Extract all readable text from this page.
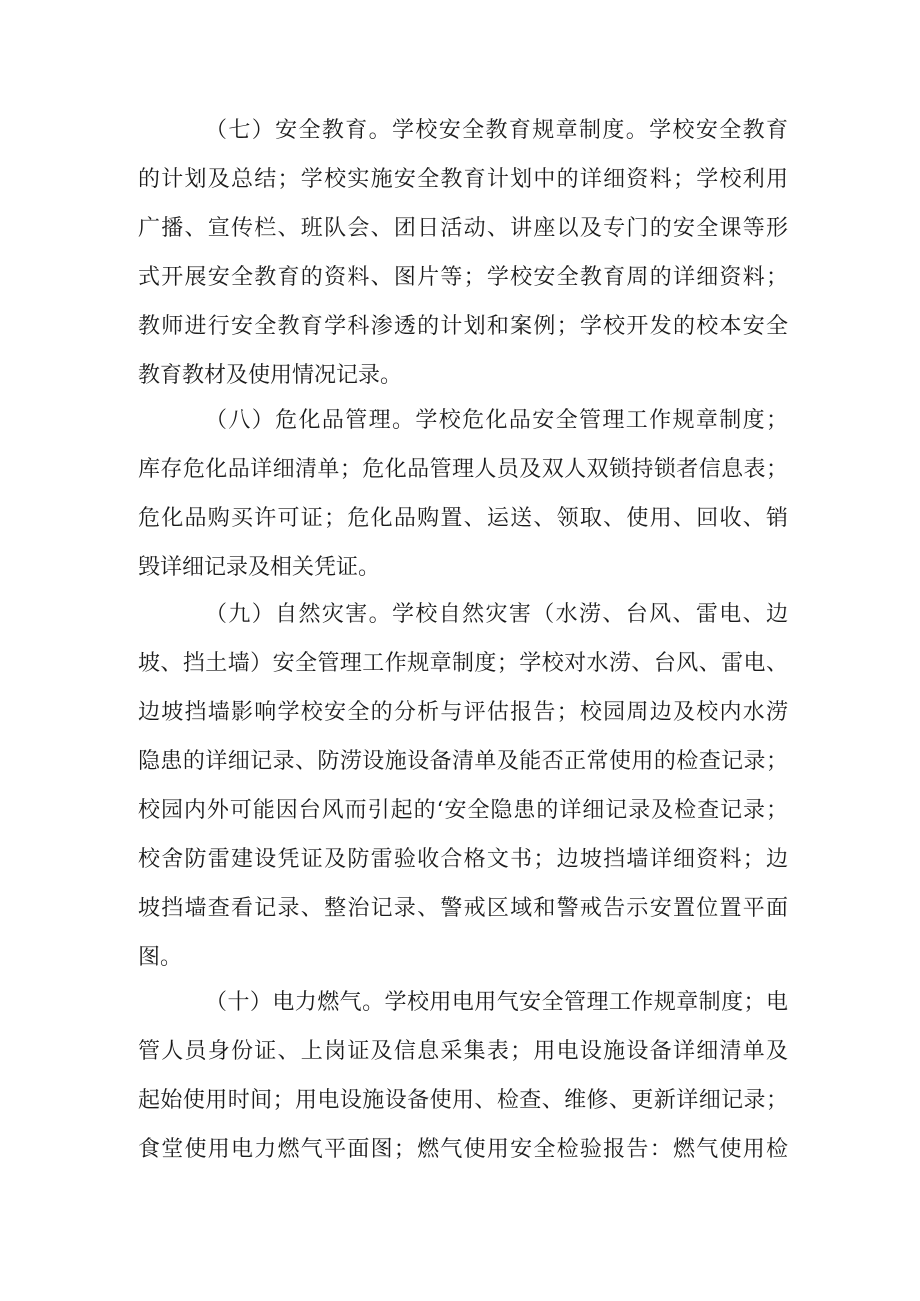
（七）安全教育。学校安全教育规章制度。学校安全教育
的计划及总结；学校实施安全教育计划中的详细资料；学校利用
广播、宣传栏、班队会、团日活动、讲座以及专门的安全课等形
式开展安全教育的资料、图片等；学校安全教育周的详细资料；
教师进行安全教育学科渗透的计划和案例；学校开发的校本安全
教育教材及使用情况记录。
（八）危化品管理。学校危化品安全管理工作规章制度；
库存危化品详细清单；危化品管理人员及双人双锁持锁者信息表；
危化品购买许可证；危化品购置、运送、领取、使用、回收、销
毁详细记录及相关凭证。
（九）自然灾害。学校自然灾害（水涝、台风、雷电、边
坡、挡土墙）安全管理工作规章制度；学校对水涝、台风、雷电、
边坡挡墙影响学校安全的分析与评估报告；校园周边及校内水涝
隐患的详细记录、防涝设施设备清单及能否正常使用的检查记录；
校园内外可能因台风而引起的‘安全隐患的详细记录及检查记录；
校舍防雷建设凭证及防雷验收合格文书；边坡挡墙详细资料；边
坡挡墙查看记录、整治记录、警戒区域和警戒告示安置位置平面
图。
（十）电力燃气。学校用电用气安全管理工作规章制度；电
管人员身份证、上岗证及信息采集表；用电设施设备详细清单及
起始使用时间；用电设施设备使用、检查、维修、更新详细记录；
食堂使用电力燃气平面图；燃气使用安全检验报告：燃气使用检
